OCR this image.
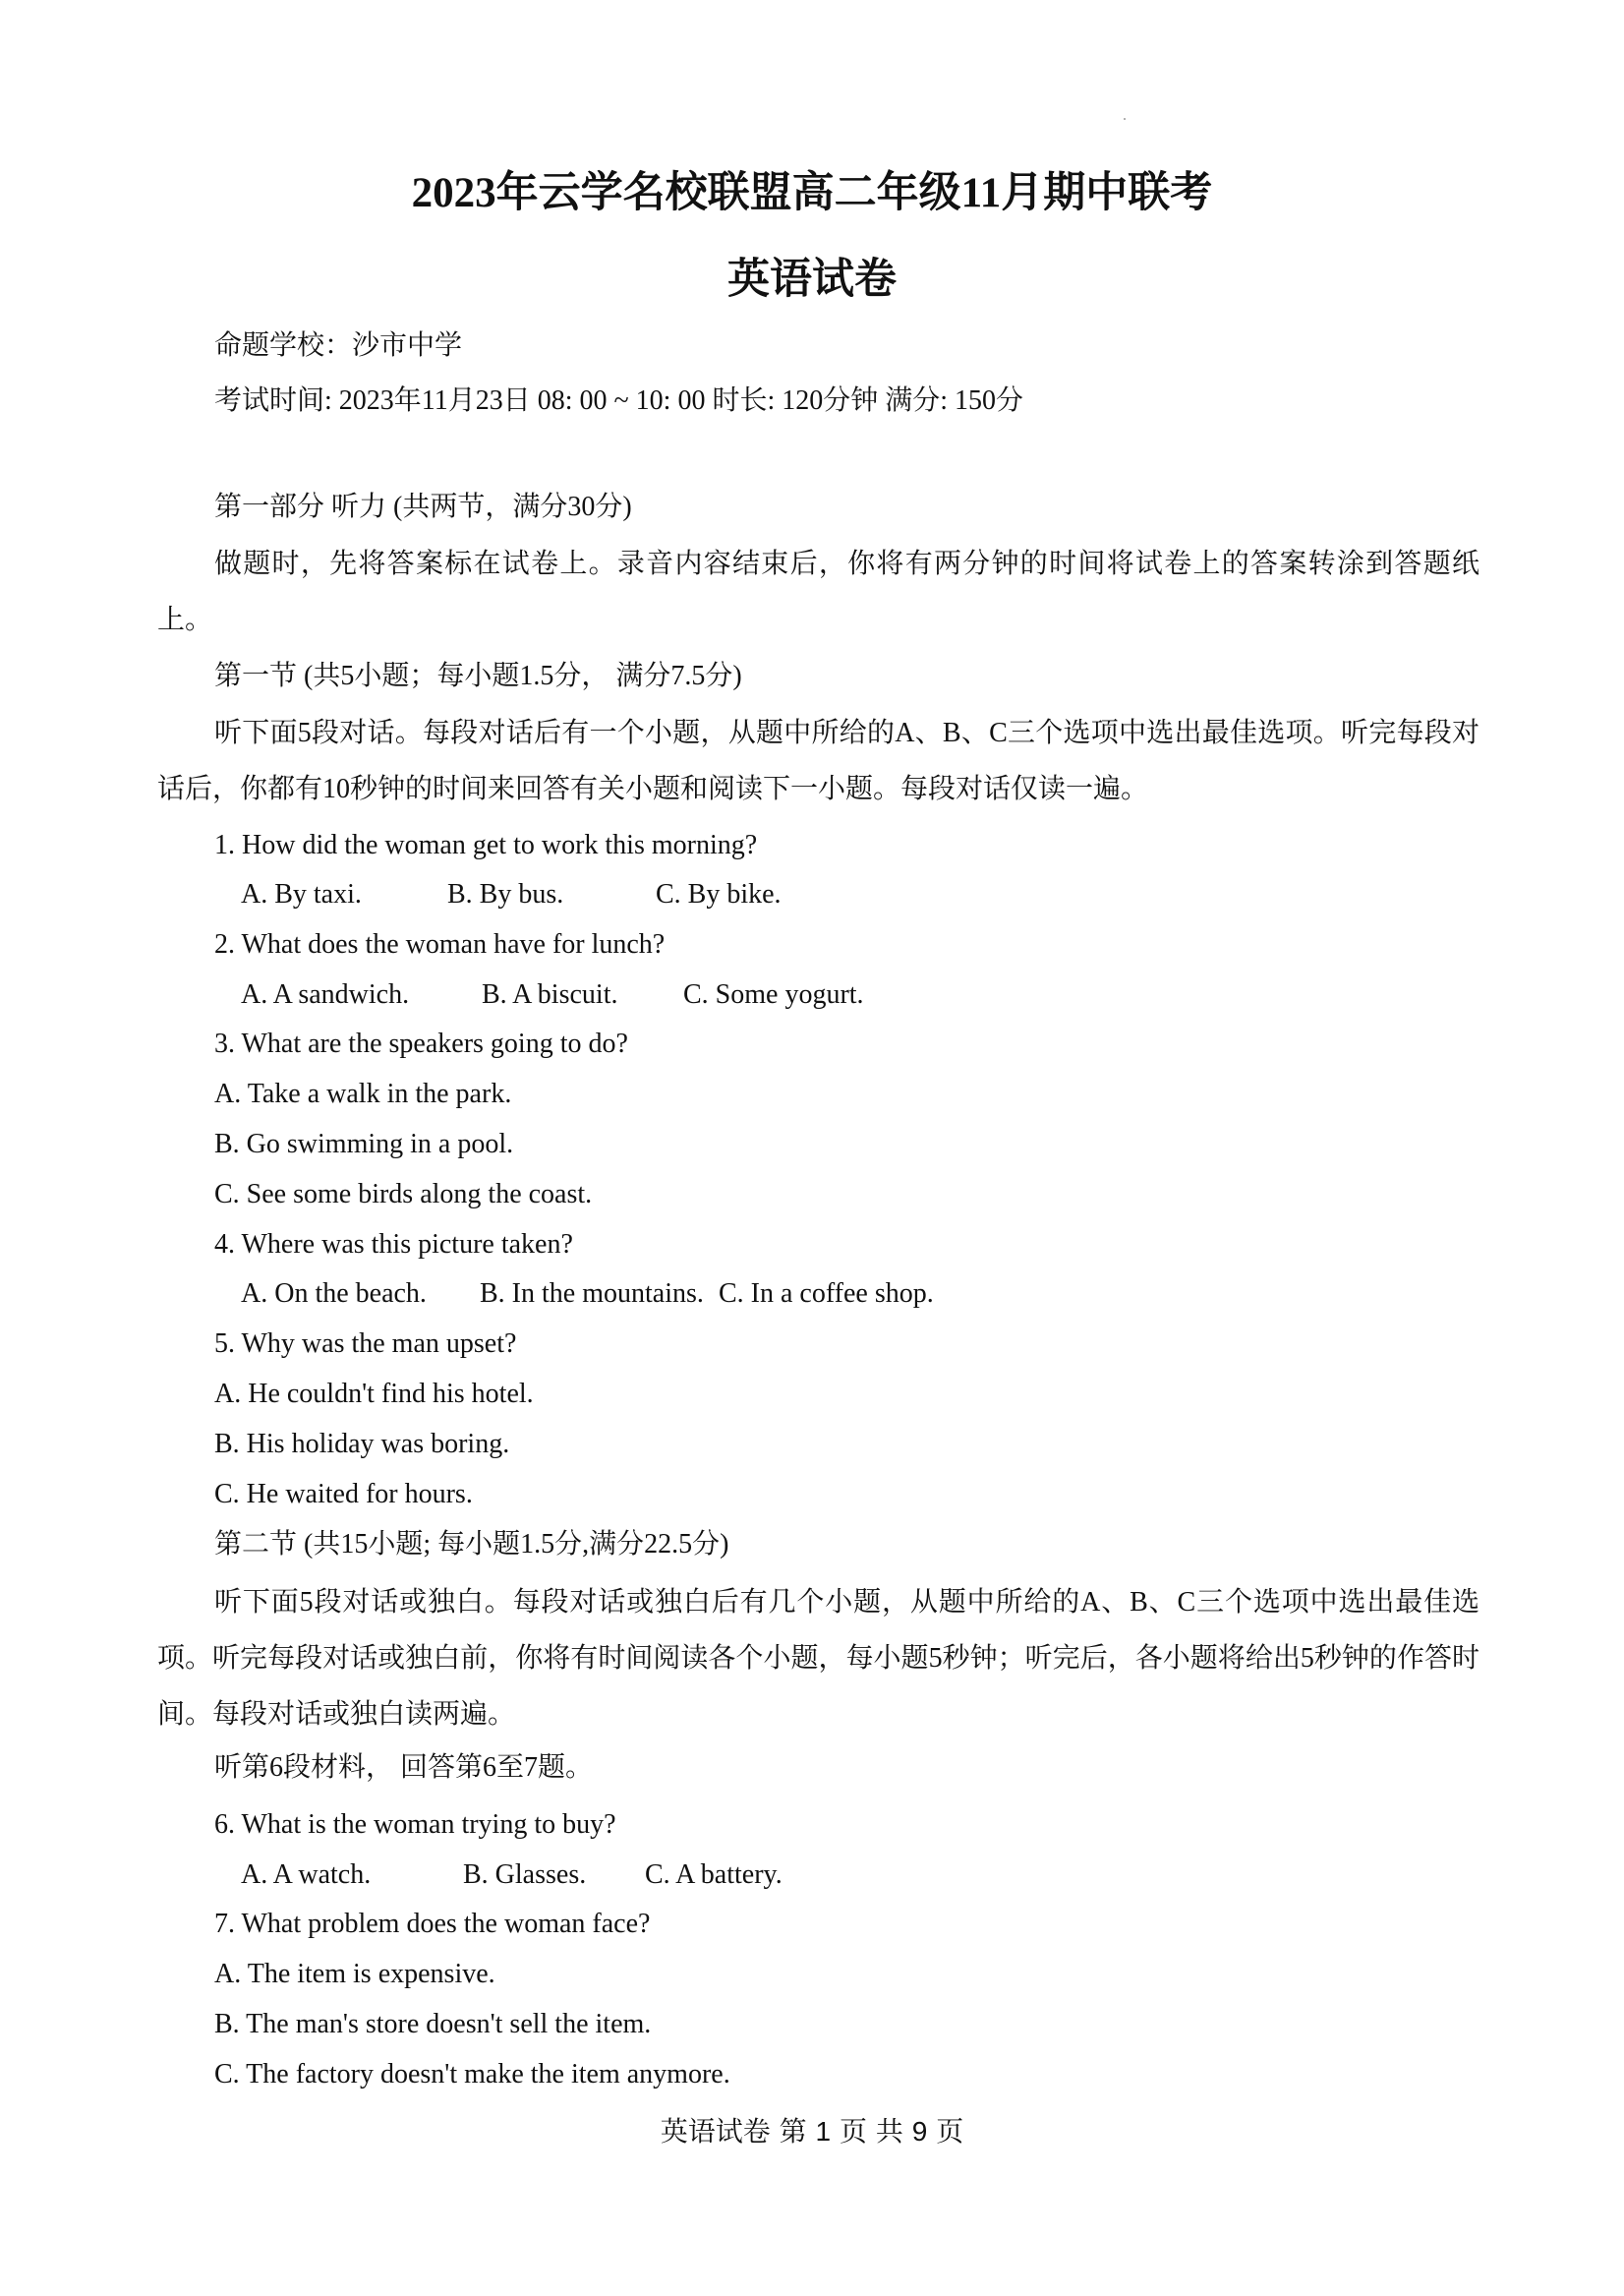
2023年云学名校联盟高二年级11月期中联考
英语试卷

命题学校：沙市中学

考试时间: 2023年11月23日 08: 00 ~ 10: 00 时长: 120分钟 满分: 150分

第一部分 听力 (共两节，满分30分)

做题时，先将答案标在试卷上。录音内容结束后，你将有两分钟的时间将试卷上的答案转涂到答题纸上。

第一节 (共5小题；每小题1.5分， 满分7.5分)

听下面5段对话。每段对话后有一个小题，从题中所给的A、B、C三个选项中选出最佳选项。听完每段对话后，你都有10秒钟的时间来回答有关小题和阅读下一小题。每段对话仅读一遍。

1. How did the woman get to work this morning?

A. By taxi.	B. By bus.	C. By bike.

2. What does the woman have for lunch?

A. A sandwich.	B. A biscuit. C. Some yogurt.

3. What are the speakers going to do?

A. Take a walk in the park.

B. Go swimming in a pool.

C. See some birds along the coast.

4. Where was this picture taken?

A. On the beach. B. In the mountains. C. In a coffee shop.

5. Why was the man upset?

A. He couldn't find his hotel.

B. His holiday was boring.

C. He waited for hours.

第二节 (共15小题; 每小题1.5分,满分22.5分)

听下面5段对话或独白。每段对话或独白后有几个小题，从题中所给的A、B、C三个选项中选出最佳选项。听完每段对话或独白前，你将有时间阅读各个小题，每小题5秒钟；听完后，各小题将给出5秒钟的作答时间。每段对话或独白读两遍。

听第6段材料， 回答第6至7题。

6. What is the woman trying to buy?

A. A watch.	B. Glasses. C. A battery.

7. What problem does the woman face?

A. The item is expensive.

B. The man's store doesn't sell the item.

C. The factory doesn't make the item anymore.

英语试卷 第 1 页 共 9 页
